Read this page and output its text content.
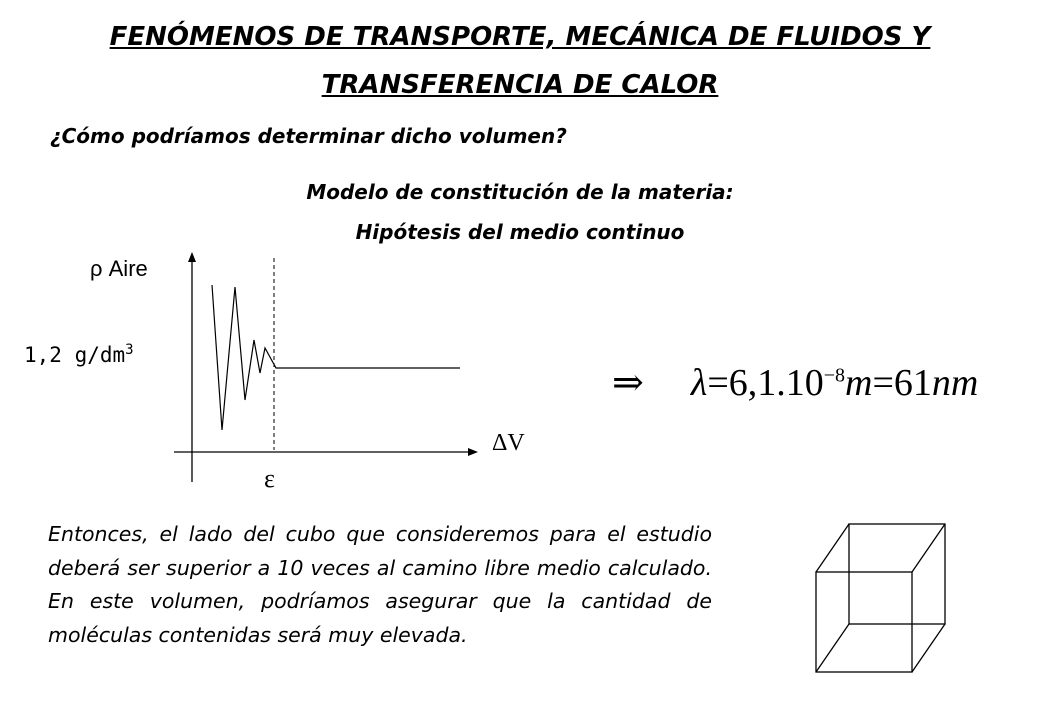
FENÓMENOS DE TRANSPORTE, MECÁNICA DE FLUIDOS Y
TRANSFERENCIA DE CALOR
¿Cómo podríamos determinar dicho volumen?
Modelo de constitución de la materia:
Hipótesis del medio continuo
ρ Aire
1,2 $g/dm^3$
ΔV
ε
⇒ $\lambda=6,1.10^{-8}m=61nm$
Entonces, el lado del cubo que consideremos para el estudio deberá ser superior a 10 veces al camino libre medio calculado. En este volumen, podríamos asegurar que la cantidad de moléculas contenidas será muy elevada.
